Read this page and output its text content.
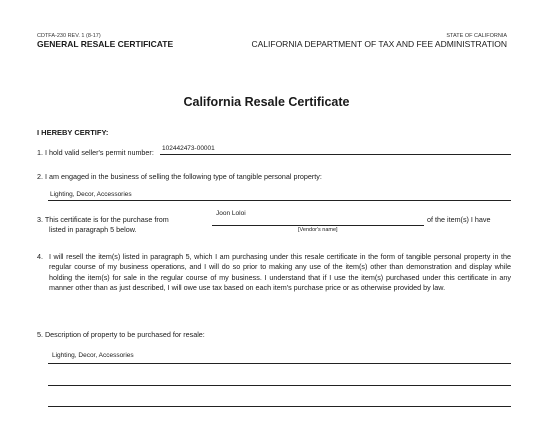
CDTFA-230 REV. 1 (8-17)
GENERAL RESALE CERTIFICATE
STATE OF CALIFORNIA
CALIFORNIA DEPARTMENT OF TAX AND FEE ADMINISTRATION
California Resale Certificate
I HEREBY CERTIFY:
1. I hold valid seller's permit number: 102442473-00001
2. I am engaged in the business of selling the following type of tangible personal property:
Lighting, Decor, Accessories
3. This certificate is for the purchase from
Joon Loloi
of the item(s) I have
listed in paragraph 5 below.	[Vendor's name]
4. I will resell the item(s) listed in paragraph 5, which I am purchasing under this resale certificate in the form of tangible personal property in the regular course of my business operations, and I will do so prior to making any use of the item(s) other than demonstration and display while holding the item(s) for sale in the regular course of my business. I understand that if I use the item(s) purchased under this certificate in any manner other than as just described, I will owe use tax based on each item's purchase price or as otherwise provided by law.
5. Description of property to be purchased for resale:
Lighting, Decor, Accessories
